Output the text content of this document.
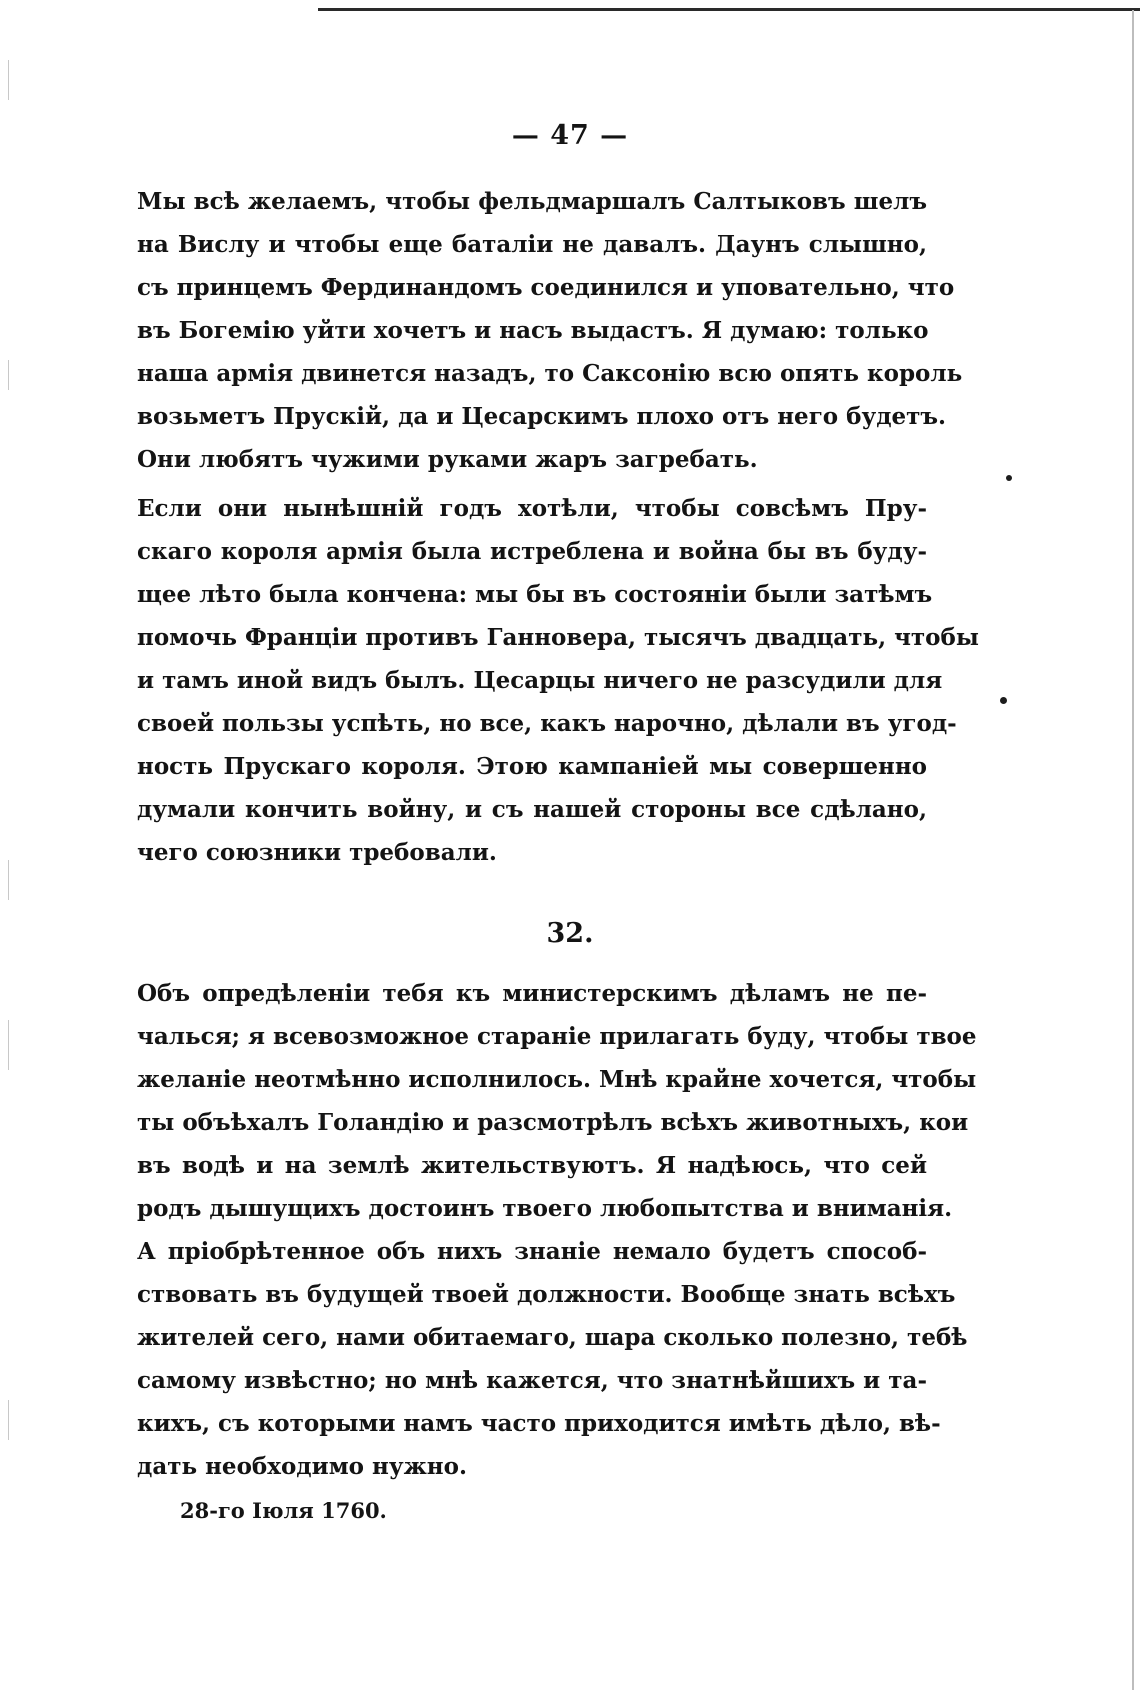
— 47 —
Мы всѣ желаемъ, чтобы фельдмаршалъ Салтыковъ шелъ
на Вислу и чтобы еще баталіи не давалъ. Даунъ слышно,
съ принцемъ Фердинандомъ соединился и уповательно, что
въ Богемію уйти хочетъ и насъ выдастъ. Я думаю: только
наша армія двинется назадъ, то Саксонію всю опять король
возьметъ Прускій, да и Цесарскимъ плохо отъ него будетъ.
Они любятъ чужими руками жаръ загребать.
Если они нынѣшній годъ хотѣли, чтобы совсѣмъ Пру-
скаго короля армія была истреблена и война бы въ буду-
щее лѣто была кончена: мы бы въ состояніи были затѣмъ
помочь Франціи противъ Ганновера, тысячъ двадцать, чтобы
и тамъ иной видъ былъ. Цесарцы ничего не разсудили для
своей пользы успѣть, но все, какъ нарочно, дѣлали въ угод-
ность Прускаго короля. Этою кампаніей мы совершенно
думали кончить войну, и съ нашей стороны все сдѣлано,
чего союзники требовали.
32.
Объ опредѣленіи тебя къ министерскимъ дѣламъ не пе-
чалься; я всевозможное стараніе прилагать буду, чтобы твое
желаніе неотмѣнно исполнилось. Мнѣ крайне хочется, чтобы
ты объѣхалъ Голандію и разсмотрѣлъ всѣхъ животныхъ, кои
въ водѣ и на землѣ жительствуютъ. Я надѣюсь, что сей
родъ дышущихъ достоинъ твоего любопытства и вниманія.
А пріобрѣтенное объ нихъ знаніе немало будетъ способ-
ствовать въ будущей твоей должности. Вообще знать всѣхъ
жителей сего, нами обитаемаго, шара сколько полезно, тебѣ
самому извѣстно; но мнѣ кажется, что знатнѣйшихъ и та-
кихъ, съ которыми намъ часто приходится имѣть дѣло, вѣ-
дать необходимо нужно.
28-го Іюля 1760.
